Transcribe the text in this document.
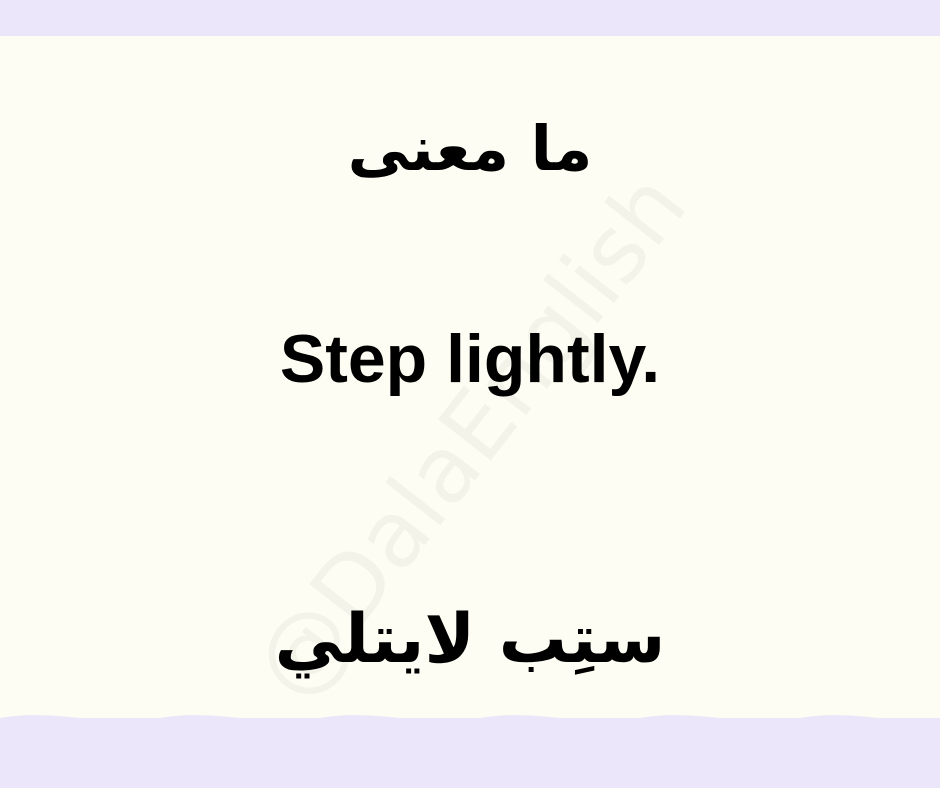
ما معنى
Step lightly.
ستِب لايتلي
